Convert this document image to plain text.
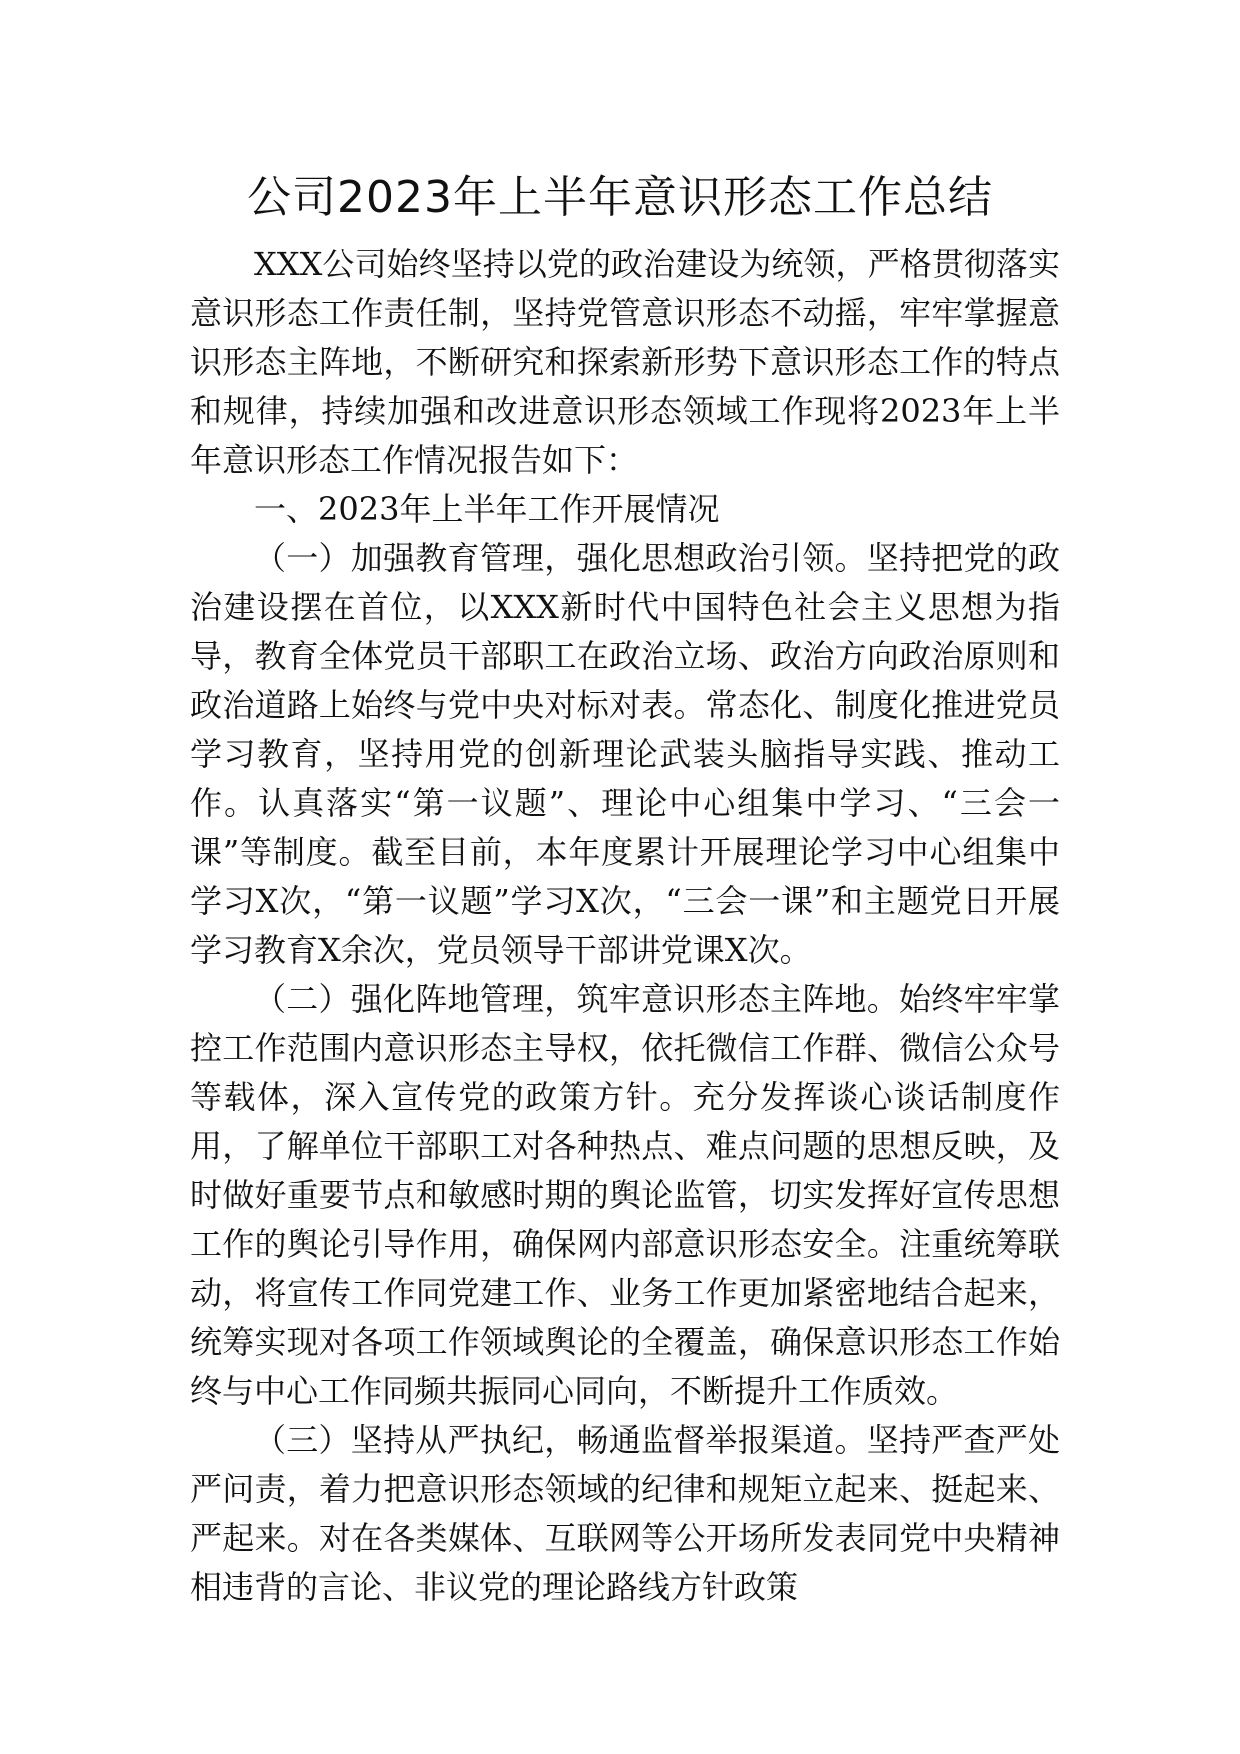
公司2023年上半年意识形态工作总结

XXX公司始终坚持以党的政治建设为统领，严格贯彻落实意识形态工作责任制，坚持党管意识形态不动摇，牢牢掌握意识形态主阵地，不断研究和探索新形势下意识形态工作的特点和规律，持续加强和改进意识形态领域工作现将2023年上半年意识形态工作情况报告如下：

一、2023年上半年工作开展情况

（一）加强教育管理，强化思想政治引领。坚持把党的政治建设摆在首位，以XXX新时代中国特色社会主义思想为指导，教育全体党员干部职工在政治立场、政治方向政治原则和政治道路上始终与党中央对标对表。常态化、制度化推进党员学习教育，坚持用党的创新理论武装头脑指导实践、推动工作。认真落实“第一议题”、理论中心组集中学习、“三会一课”等制度。截至目前，本年度累计开展理论学习中心组集中学习X次，“第一议题”学习X次，“三会一课”和主题党日开展学习教育X余次，党员领导干部讲党课X次。

（二）强化阵地管理，筑牢意识形态主阵地。始终牢牢掌控工作范围内意识形态主导权，依托微信工作群、微信公众号等载体，深入宣传党的政策方针。充分发挥谈心谈话制度作用，了解单位干部职工对各种热点、难点问题的思想反映，及时做好重要节点和敏感时期的舆论监管，切实发挥好宣传思想工作的舆论引导作用，确保网内部意识形态安全。注重统筹联动，将宣传工作同党建工作、业务工作更加紧密地结合起来，统筹实现对各项工作领域舆论的全覆盖，确保意识形态工作始终与中心工作同频共振同心同向，不断提升工作质效。

（三）坚持从严执纪，畅通监督举报渠道。坚持严查严处严问责，着力把意识形态领域的纪律和规矩立起来、挺起来、严起来。对在各类媒体、互联网等公开场所发表同党中央精神相违背的言论、非议党的理论路线方针政策
